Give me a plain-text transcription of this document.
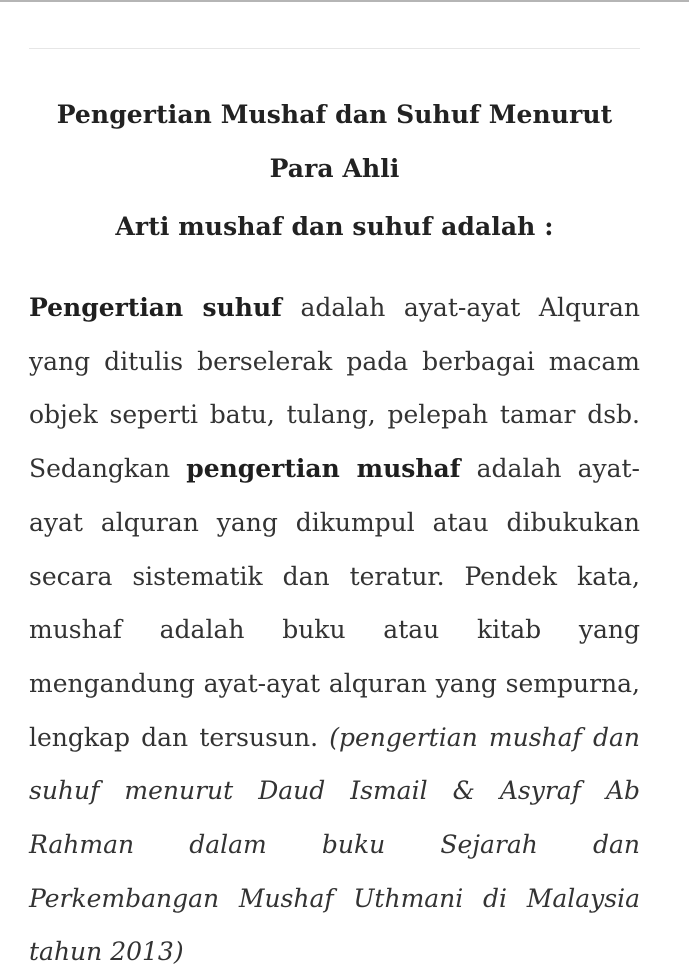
Pengertian Mushaf dan Suhuf Menurut Para Ahli
Arti mushaf dan suhuf adalah :

Pengertian suhuf adalah ayat-ayat Alquran yang ditulis berselerak pada berbagai macam objek seperti batu, tulang, pelepah tamar dsb. Sedangkan pengertian mushaf adalah ayat-ayat alquran yang dikumpul atau dibukukan secara sistematik dan teratur. Pendek kata, mushaf adalah buku atau kitab yang mengandung ayat-ayat alquran yang sempurna, lengkap dan tersusun. (pengertian mushaf dan suhuf menurut Daud Ismail & Asyraf Ab Rahman dalam buku Sejarah dan Perkembangan Mushaf Uthmani di Malaysia tahun 2013)
